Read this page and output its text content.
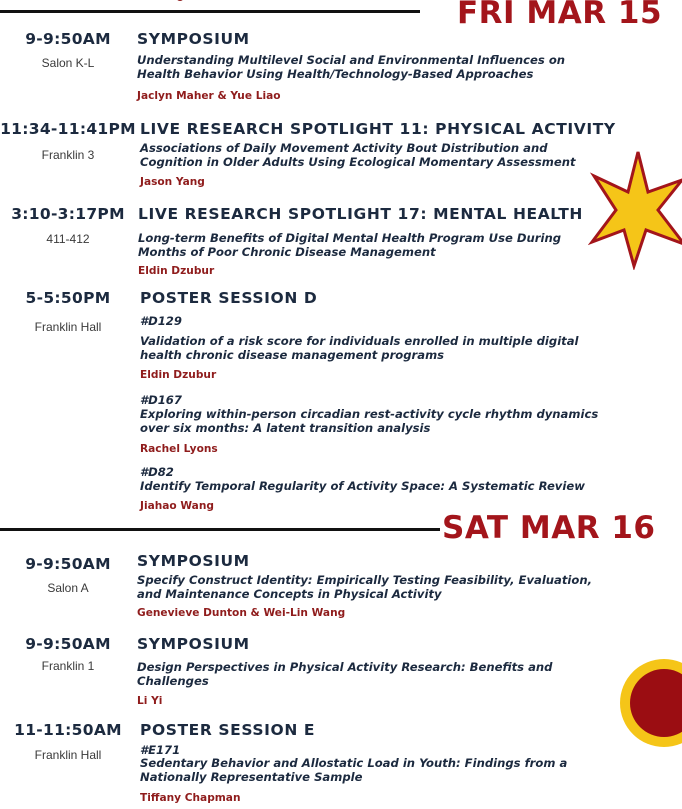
FRI MAR 15
9-9:50AM
Salon K-L
SYMPOSIUM
Understanding Multilevel Social and Environmental Influences on Health Behavior Using Health/Technology-Based Approaches
Jaclyn Maher & Yue Liao
11:34-11:41PM
Franklin 3
LIVE RESEARCH SPOTLIGHT 11: PHYSICAL ACTIVITY
Associations of Daily Movement Activity Bout Distribution and Cognition in Older Adults Using Ecological Momentary Assessment
Jason Yang
3:10-3:17PM
411-412
LIVE RESEARCH SPOTLIGHT 17: MENTAL HEALTH
Long-term Benefits of Digital Mental Health Program Use During Months of Poor Chronic Disease Management
Eldin Dzubur
5-5:50PM
Franklin Hall
POSTER SESSION D
#D129
Validation of a risk score for individuals enrolled in multiple digital health chronic disease management programs
Eldin Dzubur
#D167
Exploring within-person circadian rest-activity cycle rhythm dynamics over six months: A latent transition analysis
Rachel Lyons
#D82
Identify Temporal Regularity of Activity Space: A Systematic Review
Jiahao Wang
SAT MAR 16
9-9:50AM
Salon A
SYMPOSIUM
Specify Construct Identity: Empirically Testing Feasibility, Evaluation, and Maintenance Concepts in Physical Activity
Genevieve Dunton & Wei-Lin Wang
9-9:50AM
Franklin 1
SYMPOSIUM
Design Perspectives in Physical Activity Research: Benefits and Challenges
Li Yi
11-11:50AM
Franklin Hall
POSTER SESSION E
#E171
Sedentary Behavior and Allostatic Load in Youth: Findings from a Nationally Representative Sample
Tiffany Chapman
